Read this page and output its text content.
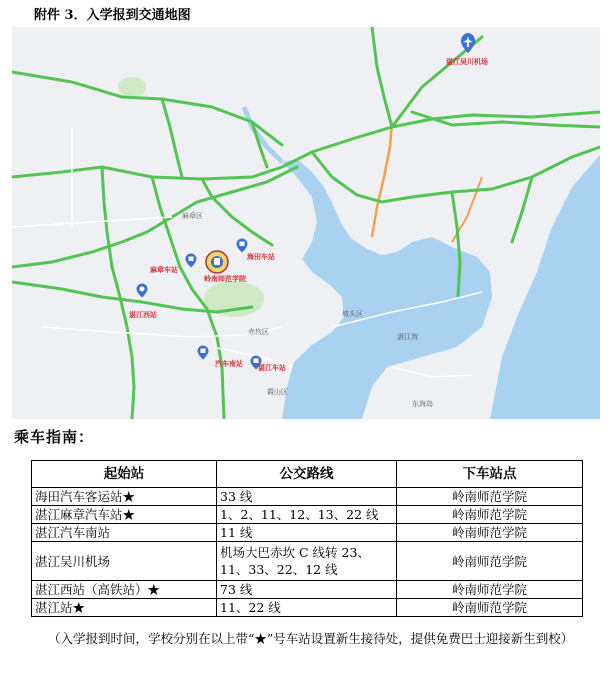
附件 3．入学报到交通地图
坡头区
麻章区
赤坎区
霞山区
东海岛
湛江湾
湛江吴川机场
海田车站
麻章车站
岭南师范学院
湛江西站
汽车南站 湛江车站
乘车指南：
起始站	公交路线	下车站点
海田汽车客运站★	33 线	岭南师范学院
湛江麻章汽车站★	1、2、11、12、13、22 线	岭南师范学院
湛江汽车南站	11 线	岭南师范学院
湛江吴川机场	机场大巴赤坎 C 线转 23、11、33、22、12 线	岭南师范学院
湛江西站（高铁站）★	73 线	岭南师范学院
湛江站★	11、22 线	岭南师范学院
（入学报到时间，学校分别在以上带“★”号车站设置新生接待处，提供免费巴士迎接新生到校）
